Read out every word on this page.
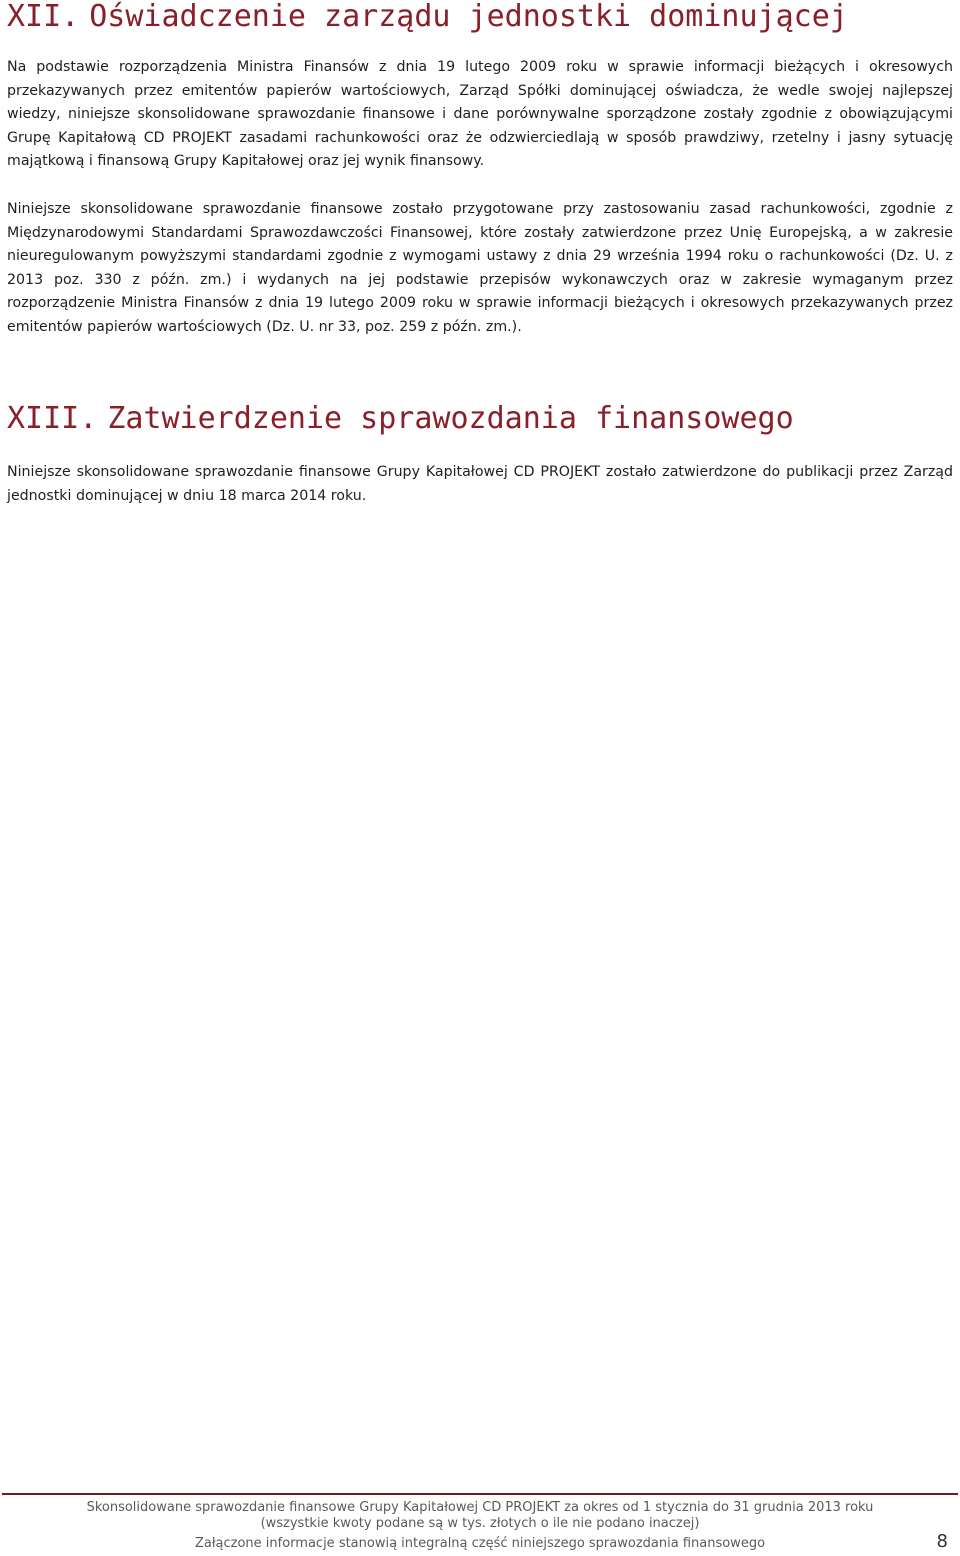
XII. Oświadczenie zarządu jednostki dominującej

Na podstawie rozporządzenia Ministra Finansów z dnia 19 lutego 2009 roku w sprawie informacji bieżących i okresowych przekazywanych przez emitentów papierów wartościowych, Zarząd Spółki dominującej oświadcza, że wedle swojej najlepszej wiedzy, niniejsze skonsolidowane sprawozdanie finansowe i dane porównywalne sporządzone zostały zgodnie z obowiązującymi Grupę Kapitałową CD PROJEKT zasadami rachunkowości oraz że odzwierciedlają w sposób prawdziwy, rzetelny i jasny sytuację majątkową i finansową Grupy Kapitałowej oraz jej wynik finansowy.

Niniejsze skonsolidowane sprawozdanie finansowe zostało przygotowane przy zastosowaniu zasad rachunkowości, zgodnie z Międzynarodowymi Standardami Sprawozdawczości Finansowej, które zostały zatwierdzone przez Unię Europejską, a w zakresie nieuregulowanym powyższymi standardami zgodnie z wymogami ustawy z dnia 29 września 1994 roku o rachunkowości (Dz. U. z 2013 poz. 330 z późn. zm.) i wydanych na jej podstawie przepisów wykonawczych oraz w zakresie wymaganym przez rozporządzenie Ministra Finansów z dnia 19 lutego 2009 roku w sprawie informacji bieżących i okresowych przekazywanych przez emitentów papierów wartościowych (Dz. U. nr 33, poz. 259 z późn. zm.).

XIII. Zatwierdzenie sprawozdania finansowego

Niniejsze skonsolidowane sprawozdanie finansowe Grupy Kapitałowej CD PROJEKT zostało zatwierdzone do publikacji przez Zarząd jednostki dominującej w dniu 18 marca 2014 roku.

Skonsolidowane sprawozdanie finansowe Grupy Kapitałowej CD PROJEKT za okres od 1 stycznia do 31 grudnia 2013 roku

(wszystkie kwoty podane są w tys. złotych o ile nie podano inaczej)

Załączone informacje stanowią integralną część niniejszego sprawozdania finansowego	8
